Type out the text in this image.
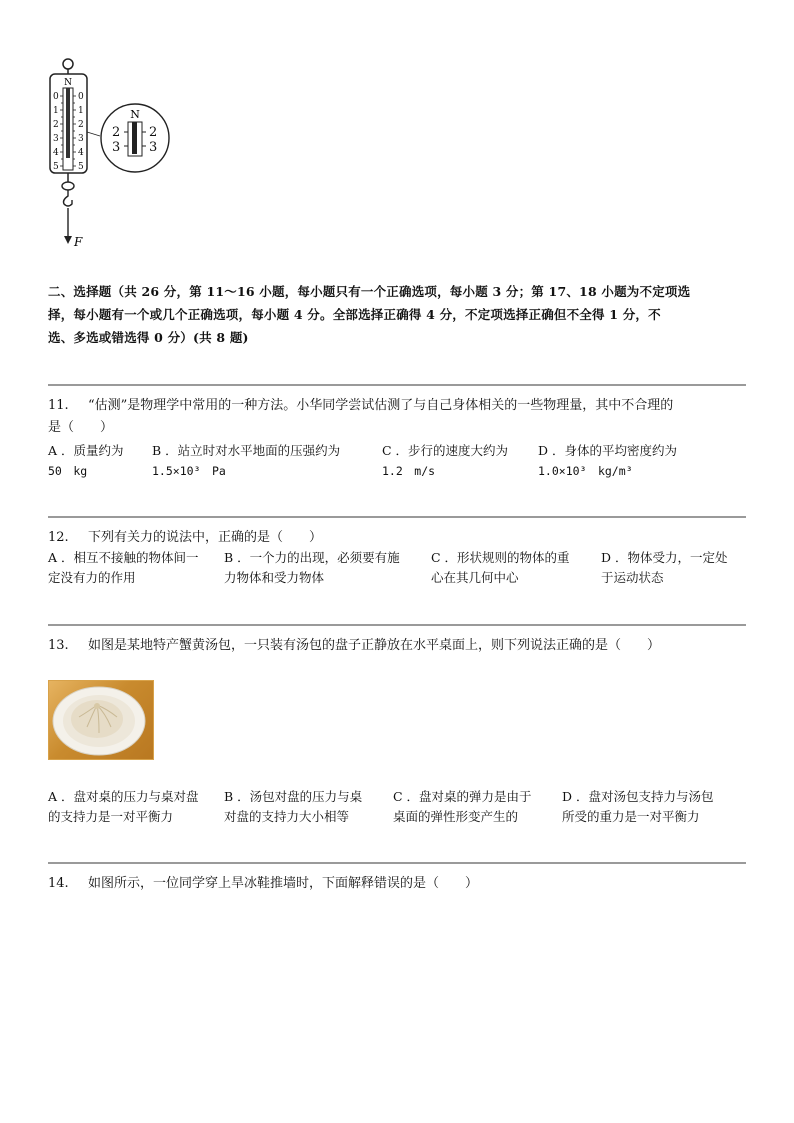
N
0
1
2
3
4
5
0
1
2
3
4
5
N
2
3
2
3
F
二、选择题（共 26 分，第 11～16 小题，每小题只有一个正确选项，每小题 3 分；第 17、18 小题为不定项选
择，每小题有一个或几个正确选项，每小题 4 分。全部选择正确得 4 分，不定项选择正确但不全得 1 分，不
选、多选或错选得 0 分）(共 8 题)
11. “估测”是物理学中常用的一种方法。小华同学尝试估测了与自己身体相关的一些物理量，其中不合理的
是（　　）
A ．质量约为
50　kg
B ．站立时对水平地面的压强约为
1.5×10³　Pa
C ．步行的速度大约为
1.2　m/s
D ．身体的平均密度约为
1.0×10³　kg/m³
12. 下列有关力的说法中，正确的是（　　）
A ．相互不接触的物体间一
定没有力的作用
B ．一个力的出现，必须要有施
力物体和受力物体
C ．形状规则的物体的重
心在其几何中心
D ．物体受力，一定处
于运动状态
13. 如图是某地特产蟹黄汤包，一只装有汤包的盘子正静放在水平桌面上，则下列说法正确的是（　　）
A ．盘对桌的压力与桌对盘
的支持力是一对平衡力
B ．汤包对盘的压力与桌
对盘的支持力大小相等
C ．盘对桌的弹力是由于
桌面的弹性形变产生的
D ．盘对汤包支持力与汤包
所受的重力是一对平衡力
14. 如图所示，一位同学穿上旱冰鞋推墙时，下面解释错误的是（　　）
